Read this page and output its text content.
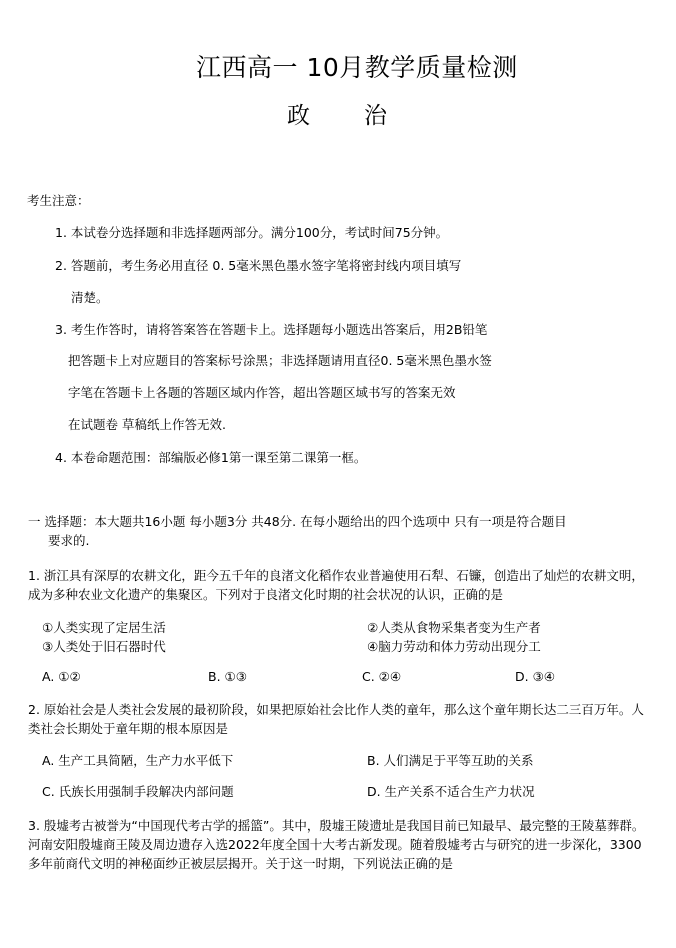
江西高一 10月教学质量检测
政 治
考生注意：
1. 本试卷分选择题和非选择题两部分。满分100分，考试时间75分钟。
2. 答题前，考生务必用直径 0. 5毫米黑色墨水签字笔将密封线内项目填写
清楚。
3. 考生作答时，请将答案答在答题卡上。选择题每小题选出答案后，用2B铅笔
把答题卡上对应题目的答案标号涂黑；非选择题请用直径0. 5毫米黑色墨水签
字笔在答题卡上各题的答题区域内作答，超出答题区域书写的答案无效
在试题卷 草稿纸上作答无效.
4. 本卷命题范围：部编版必修1第一课至第二课第一框。
一 选择题：本大题共16小题 每小题3分 共48分. 在每小题给出的四个选项中 只有一项是符合题目
要求的.
1. 浙江具有深厚的农耕文化，距今五千年的良渚文化稻作农业普遍使用石犁、石镰，创造出了灿烂的农耕文明，成为多种农业文化遗产的集聚区。下列对于良渚文化时期的社会状况的认识，正确的是
①人类实现了定居生活	②人类从食物采集者变为生产者
③人类处于旧石器时代	④脑力劳动和体力劳动出现分工
A. ①②	B. ①③	C. ②④	D. ③④
2. 原始社会是人类社会发展的最初阶段，如果把原始社会比作人类的童年，那么这个童年期长达二三百万年。人类社会长期处于童年期的根本原因是
A. 生产工具简陋，生产力水平低下	B. 人们满足于平等互助的关系
C. 氏族长用强制手段解决内部问题	D. 生产关系不适合生产力状况
3. 殷墟考古被誉为“中国现代考古学的摇篮”。其中，殷墟王陵遗址是我国目前已知最早、最完整的王陵墓葬群。河南安阳殷墟商王陵及周边遗存入选2022年度全国十大考古新发现。随着殷墟考古与研究的进一步深化，3300多年前商代文明的神秘面纱正被层层揭开。关于这一时期，下列说法正确的是
